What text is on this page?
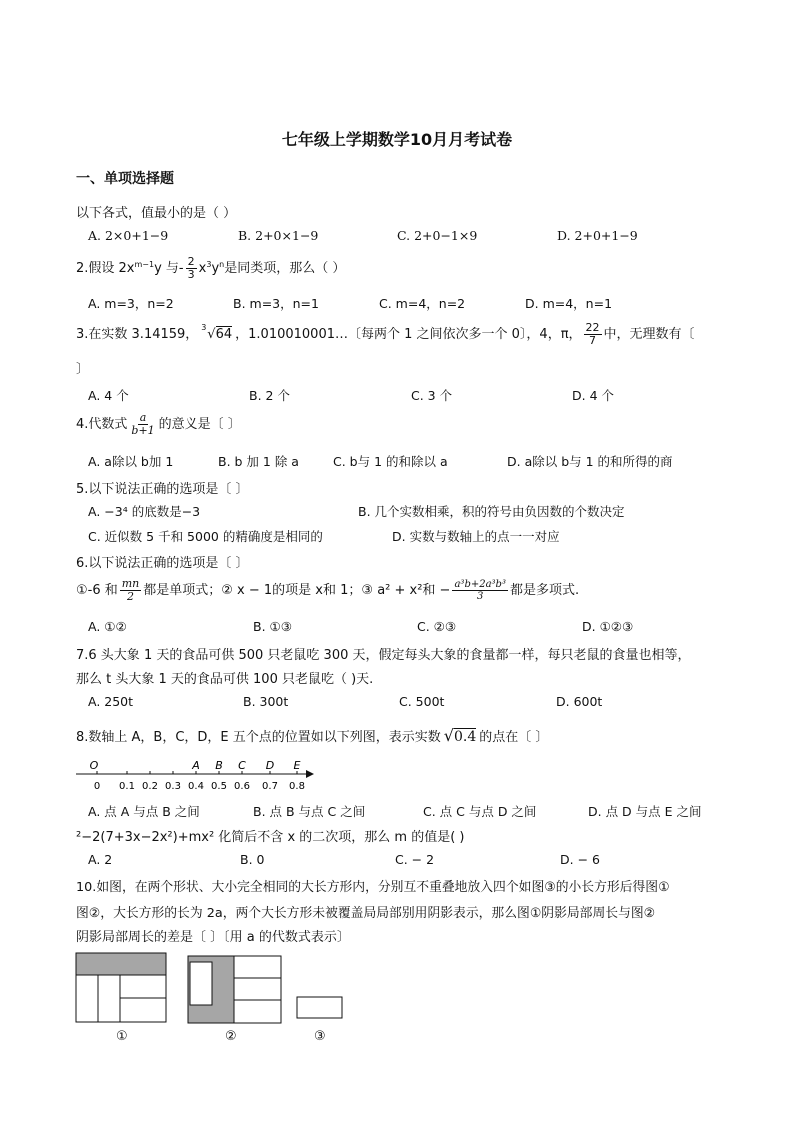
七年级上学期数学10月月考试卷
一、单项选择题
以下各式，值最小的是（ ）
A. 2×0+1−9	B. 2+0×1−9	C. 2+0−1×9	D. 2+0+1−9
2.假设 $2x^{m-1}y$ 与- $\frac{2}{3} x^3y^n$是同类项，那么（ ）
A. m=3，n=2	B. m=3，n=1	C. m=4，n=2	D. m=4，n=1
3.在实数 3.14159， 3 √64 ，1.010010001…〔每两个 1 之间依次多一个 0〕，4，π， $\frac{22}{7}$ 中，无理数有〔
〕
A. 4 个	B. 2 个	C. 3 个	D. 4 个
4.代数式 $\frac{a}{b+1}$ 的意义是〔 〕
A. a除以 b加 1	B. b 加 1 除 a	C. b与 1 的和除以 a	D. a除以 b与 1 的和所得的商
5.以下说法正确的选项是〔 〕
A. −3⁴ 的底数是−3	B. 几个实数相乘，积的符号由负因数的个数决定
C. 近似数 5 千和 5000 的精确度是相同的	D. 实数与数轴上的点一一对应
6.以下说法正确的选项是〔 〕
①-6 和 $\frac{mn}{2}$ 都是单项式；② x − 1的项是 x和 1；③ a² + x²和 − $\frac{\text{a³b+2a³b³}}{3}$ 都是多项式.
A. ①②	B. ①③	C. ②③	D. ①②③
7.6 头大象 1 天的食品可供 500 只老鼠吃 300 天，假定每头大象的食量都一样，每只老鼠的食量也相等，
那么 t 头大象 1 天的食品可供 100 只老鼠吃（ )天.
A. 250t	B. 300t	C. 500t	D. 600t
8.数轴上 A，B，C，D，E 五个点的位置如以下列图，表示实数 √0.4 的点在〔 〕
O	A B C D E
0 0.1 0.2 0.3 0.4 0.5 0.6 0.7 0.8
A. 点 A 与点 B 之间	B. 点 B 与点 C 之间	C. 点 C 与点 D 之间	D. 点 D 与点 E 之间
²−2(7+3x−2x²)+mx² 化简后不含 x 的二次项，那么 m 的值是( )
A. 2	B. 0	C. − 2	D. − 6
10.如图，在两个形状、大小完全相同的大长方形内，分别互不重叠地放入四个如图③的小长方形后得图①
图②，大长方形的长为 2a，两个大长方形未被覆盖局局部别用阴影表示，那么图①阴影局部周长与图②
阴影局部周长的差是〔 〕〔用 a 的代数式表示〕
①	②	③
